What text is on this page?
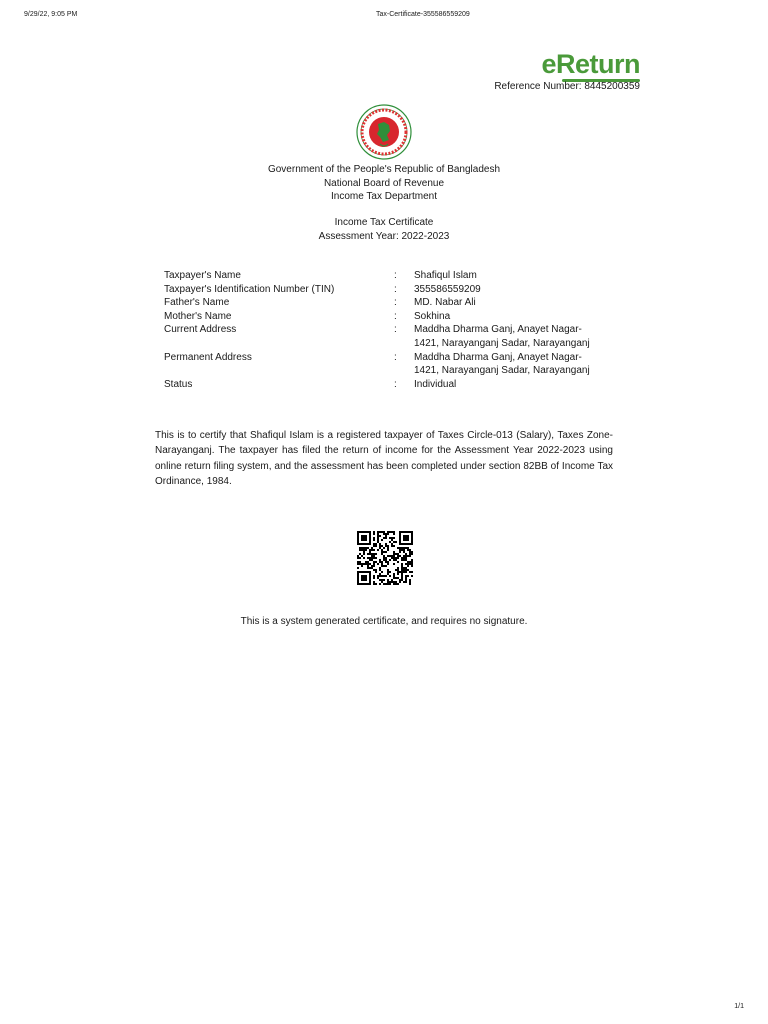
9/29/22, 9:05 PM	Tax-Certificate-355586559209
eReturn
Reference Number: 8445200359
Government of the People's Republic of Bangladesh
National Board of Revenue
Income Tax Department
Income Tax Certificate
Assessment Year: 2022-2023
Taxpayer's Name	:	Shafiqul Islam
Taxpayer's Identification Number (TIN)	:	355586559209
Father's Name	:	MD. Nabar Ali
Mother's Name	:	Sokhina
Current Address	:	Maddha Dharma Ganj, Anayet Nagar-
1421, Narayanganj Sadar, Narayanganj
Permanent Address	:	Maddha Dharma Ganj, Anayet Nagar-
1421, Narayanganj Sadar, Narayanganj
Status	:	Individual
This is to certify that Shafiqul Islam is a registered taxpayer of Taxes Circle-013 (Salary), Taxes Zone-Narayanganj. The taxpayer has filed the return of income for the Assessment Year 2022-2023 using online return filing system, and the assessment has been completed under section 82BB of Income Tax Ordinance, 1984.
This is a system generated certificate, and requires no signature.
1/1
